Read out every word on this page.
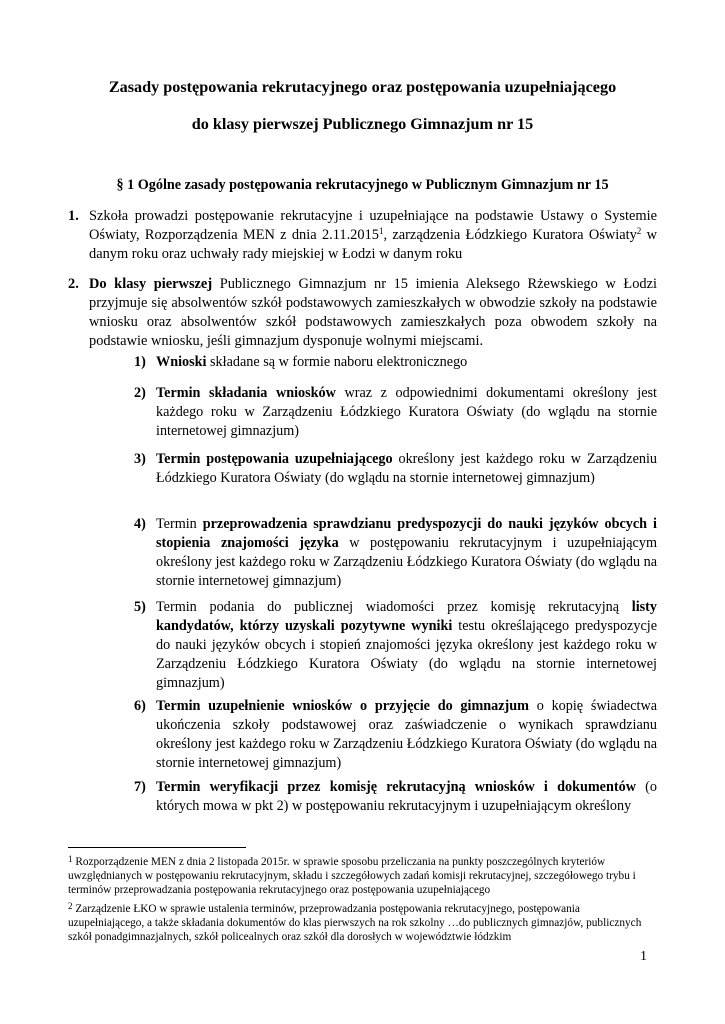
Zasady postępowania rekrutacyjnego oraz postępowania uzupełniającego
do klasy pierwszej Publicznego Gimnazjum nr 15
§ 1 Ogólne zasady postępowania rekrutacyjnego w Publicznym Gimnazjum nr 15
1. Szkoła prowadzi postępowanie rekrutacyjne i uzupełniające na podstawie Ustawy o Systemie Oświaty, Rozporządzenia MEN z dnia 2.11.2015$^1$, zarządzenia Łódzkiego Kuratora Oświaty$^2$ w danym roku oraz uchwały rady miejskiej w Łodzi w danym roku
2. Do klasy pierwszej Publicznego Gimnazjum nr 15 imienia Aleksego Rżewskiego w Łodzi przyjmuje się absolwentów szkół podstawowych zamieszkałych w obwodzie szkoły na podstawie wniosku oraz absolwentów szkół podstawowych zamieszkałych poza obwodem szkoły na podstawie wniosku, jeśli gimnazjum dysponuje wolnymi miejscami.
1) Wnioski składane są w formie naboru elektronicznego
2) Termin składania wniosków wraz z odpowiednimi dokumentami określony jest każdego roku w Zarządzeniu Łódzkiego Kuratora Oświaty (do wglądu na stornie internetowej gimnazjum)
3) Termin postępowania uzupełniającego określony jest każdego roku w Zarządzeniu Łódzkiego Kuratora Oświaty (do wglądu na stornie internetowej gimnazjum)
4) Termin przeprowadzenia sprawdzianu predyspozycji do nauki języków obcych i stopienia znajomości języka w postępowaniu rekrutacyjnym i uzupełniającym określony jest każdego roku w Zarządzeniu Łódzkiego Kuratora Oświaty (do wglądu na stornie internetowej gimnazjum)
5) Termin podania do publicznej wiadomości przez komisję rekrutacyjną listy kandydatów, którzy uzyskali pozytywne wyniki testu określającego predyspozycje do nauki języków obcych i stopień znajomości języka określony jest każdego roku w Zarządzeniu Łódzkiego Kuratora Oświaty (do wglądu na stornie internetowej gimnazjum)
6) Termin uzupełnienie wniosków o przyjęcie do gimnazjum o kopię świadectwa ukończenia szkoły podstawowej oraz zaświadczenie o wynikach sprawdzianu określony jest każdego roku w Zarządzeniu Łódzkiego Kuratora Oświaty (do wglądu na stornie internetowej gimnazjum)
7) Termin weryfikacji przez komisję rekrutacyjną wniosków i dokumentów (o których mowa w pkt 2) w postępowaniu rekrutacyjnym i uzupełniającym określony
$^1$ Rozporządzenie MEN z dnia 2 listopada 2015r. w sprawie sposobu przeliczania na punkty poszczególnych kryteriów uwzględnianych w postępowaniu rekrutacyjnym, składu i szczegółowych zadań komisji rekrutacyjnej, szczegółowego trybu i terminów przeprowadzania postępowania rekrutacyjnego oraz postępowania uzupełniającego
$^2$ Zarządzenie ŁKO w sprawie ustalenia terminów, przeprowadzania postępowania rekrutacyjnego, postępowania uzupełniającego, a także składania dokumentów do klas pierwszych na rok szkolny …do publicznych gimnazjów, publicznych szkół ponadgimnazjalnych, szkół policealnych oraz szkół dla dorosłych w województwie łódzkim
1
